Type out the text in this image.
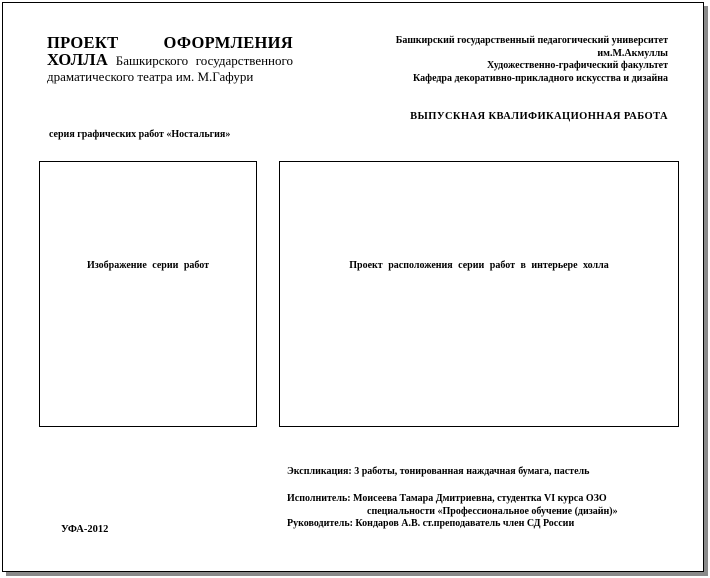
ПРОЕКТ ОФОРМЛЕНИЯ ХОЛЛА Башкирского государственного драматического театра им. М.Гафури
серия графических работ «Ностальгия»
Башкирский государственный педагогический университет
им.М.Акмуллы
Художественно-графический факультет
Кафедра декоративно-прикладного искусства и дизайна
ВЫПУСКНАЯ КВАЛИФИКАЦИОННАЯ РАБОТА
Изображение серии работ	Проект расположения серии работ в интерьере холла
Экспликация: 3 работы, тонированная наждачная бумага, пастель
Исполнитель: Моисеева Тамара Дмитриевна, студентка VI курса ОЗО
специальности «Профессиональное обучение (дизайн)»
Руководитель: Кондаров А.В. ст.преподаватель член СД России
УФА-2012
